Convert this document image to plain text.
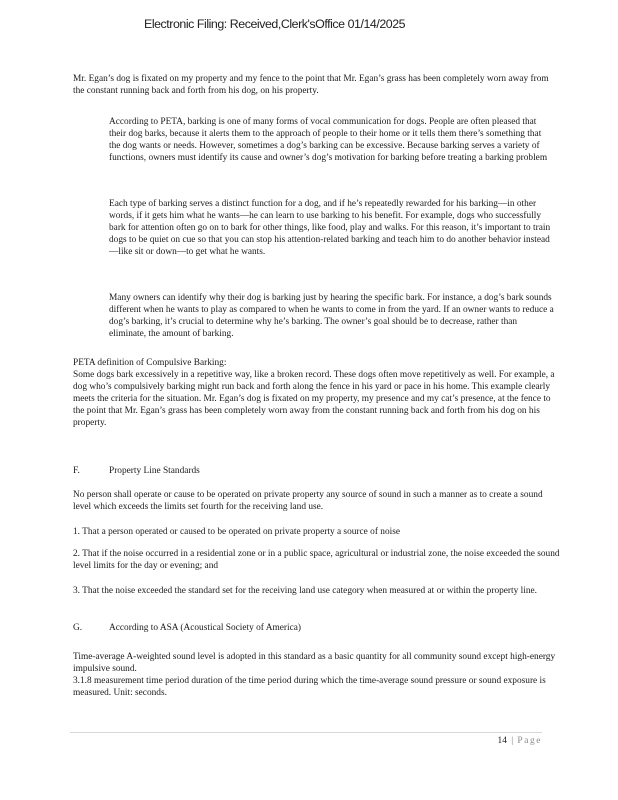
Electronic Filing: Received,Clerk'sOffice 01/14/2025

Mr. Egan’s dog is fixated on my property and my fence to the point that Mr. Egan’s grass has been completely worn away from the constant running back and forth from his dog, on his property.

According to PETA, barking is one of many forms of vocal communication for dogs. People are often pleased that their dog barks, because it alerts them to the approach of people to their home or it tells them there’s something that the dog wants or needs. However, sometimes a dog’s barking can be excessive. Because barking serves a variety of functions, owners must identify its cause and owner’s dog’s motivation for barking before treating a barking problem

Each type of barking serves a distinct function for a dog, and if he’s repeatedly rewarded for his barking—in other words, if it gets him what he wants—he can learn to use barking to his benefit. For example, dogs who successfully bark for attention often go on to bark for other things, like food, play and walks. For this reason, it’s important to train dogs to be quiet on cue so that you can stop his attention-related barking and teach him to do another behavior instead—like sit or down—to get what he wants.

Many owners can identify why their dog is barking just by hearing the specific bark. For instance, a dog’s bark sounds different when he wants to play as compared to when he wants to come in from the yard. If an owner wants to reduce a dog’s barking, it’s crucial to determine why he’s barking. The owner’s goal should be to decrease, rather than eliminate, the amount of barking.

PETA definition of Compulsive Barking:

Some dogs bark excessively in a repetitive way, like a broken record. These dogs often move repetitively as well. For example, a dog who’s compulsively barking might run back and forth along the fence in his yard or pace in his home. This example clearly meets the criteria for the situation. Mr. Egan’s dog is fixated on my property, my presence and my cat’s presence, at the fence to the point that Mr. Egan’s grass has been completely worn away from the constant running back and forth from his dog on his property.

F.	Property Line Standards

No person shall operate or cause to be operated on private property any source of sound in such a manner as to create a sound level which exceeds the limits set fourth for the receiving land use.

1. That a person operated or caused to be operated on private property a source of noise

2. That if the noise occurred in a residential zone or in a public space, agricultural or industrial zone, the noise exceeded the sound level limits for the day or evening; and

3. That the noise exceeded the standard set for the receiving land use category when measured at or within the property line.

G.	According to ASA (Acoustical Society of America)

Time-average A-weighted sound level is adopted in this standard as a basic quantity for all community sound except high-energy impulsive sound.

3.1.8 measurement time period duration of the time period during which the time-average sound pressure or sound exposure is measured. Unit: seconds.

14 | Page
